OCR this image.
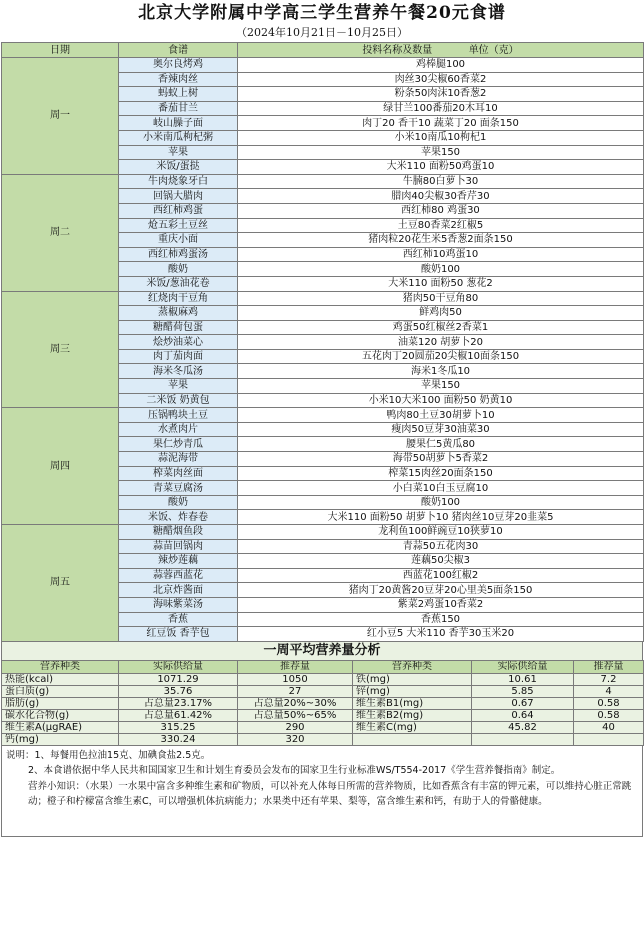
北京大学附属中学高三学生营养午餐20元食谱
（2024年10月21日－10月25日）
日期	食谱	投料名称及数量 单位（克）
周一	奥尔良烤鸡	鸡棒腿100
	香辣肉丝	肉丝30尖椒60香菜2
	蚂蚁上树	粉条50肉沫10香葱2
	番茄甘兰	绿甘兰100番茄20木耳10
	岐山臊子面	肉丁20 香干10 蔬菜丁20 面条150
	小米南瓜枸杞粥	小米10南瓜10枸杞1
	苹果	苹果150
	米饭/蛋挞	大米110 面粉50鸡蛋10
周二	牛肉烧象牙白	牛腩80白萝卜30
	回锅大腊肉	腊肉40尖椒30香芹30
	西红柿鸡蛋	西红柿80 鸡蛋30
	炝五彩土豆丝	土豆80香菜2红椒5
	重庆小面	猪肉粒20花生米5香葱2面条150
	西红柿鸡蛋汤	西红柿10鸡蛋10
	酸奶	酸奶100
	米饭/葱油花卷	大米110 面粉50 葱花2
周三	红烧肉干豆角	猪肉50干豆角80
	蒸椒麻鸡	鲜鸡肉50
	糖醋荷包蛋	鸡蛋50红椒丝2香菜1
	烩炒油菜心	油菜120 胡萝卜20
	肉丁茄肉面	五花肉丁20圆茄20尖椒10面条150
	海米冬瓜汤	海米1冬瓜10
	苹果	苹果150
	二米饭 奶黄包	小米10大米100 面粉50 奶黄10
周四	压锅鸭块土豆	鸭肉80土豆30胡萝卜10
	水煮肉片	瘦肉50豆芽30油菜30
	果仁炒青瓜	腰果仁5黄瓜80
	蒜泥海带	海带50胡萝卜5香菜2
	榨菜肉丝面	榨菜15肉丝20面条150
	青菜豆腐汤	小白菜10白玉豆腐10
	酸奶	酸奶100
	米饭、炸春卷	大米110 面粉50 胡萝卜10 猪肉丝10豆芽20韭菜5
周五	糖醋烟鱼段	龙利鱼100鲜豌豆10狭萝10
	蒜苗回锅肉	青蒜50五花肉30
	辣炒莲藕	莲藕50尖椒3
	蒜蓉西蓝花	西蓝花100红椒2
	北京炸酱面	猪肉丁20黄酱20豆芽20心里美5面条150
	海味紫菜汤	紫菜2鸡蛋10香菜2
	香蕉	香蕉150
	红豆饭 香芋包	红小豆5 大米110 香芋30玉米20
一周平均营养量分析
营养种类	实际供给量	推荐量	营养种类	实际供给量	推荐量
热能(kcal)	1071.29	1050	铁(mg)	10.61	7.2
蛋白质(g)	35.76	27	锌(mg)	5.85	4
脂肪(g)	占总量23.17%	占总量20%~30%	维生素B1(mg)	0.67	0.58
碳水化合物(g)	占总量61.42%	占总量50%~65%	维生素B2(mg)	0.64	0.58
维生素A(μgRAE)	315.25	290	维生素C(mg)	45.82	40
钙(mg)	330.24	320			

说明：1、每餐用色拉油15克、加碘食盐2.5克。

2、本食谱依据中华人民共和国国家卫生和计划生育委员会发布的国家卫生行业标准WS/T554-2017《学生营养餐指南》制定。

营养小知识：（水果）一水果中富含多种维生素和矿物质，可以补充人体每日所需的营养物质，比如香蕉含有丰富的钾元素，可以维持心脏正常跳动；橙子和柠檬富含维生素C，可以增强机体抗病能力；水果类中还有苹果、梨等，富含维生素和钙，有助于人的骨骼健康。
